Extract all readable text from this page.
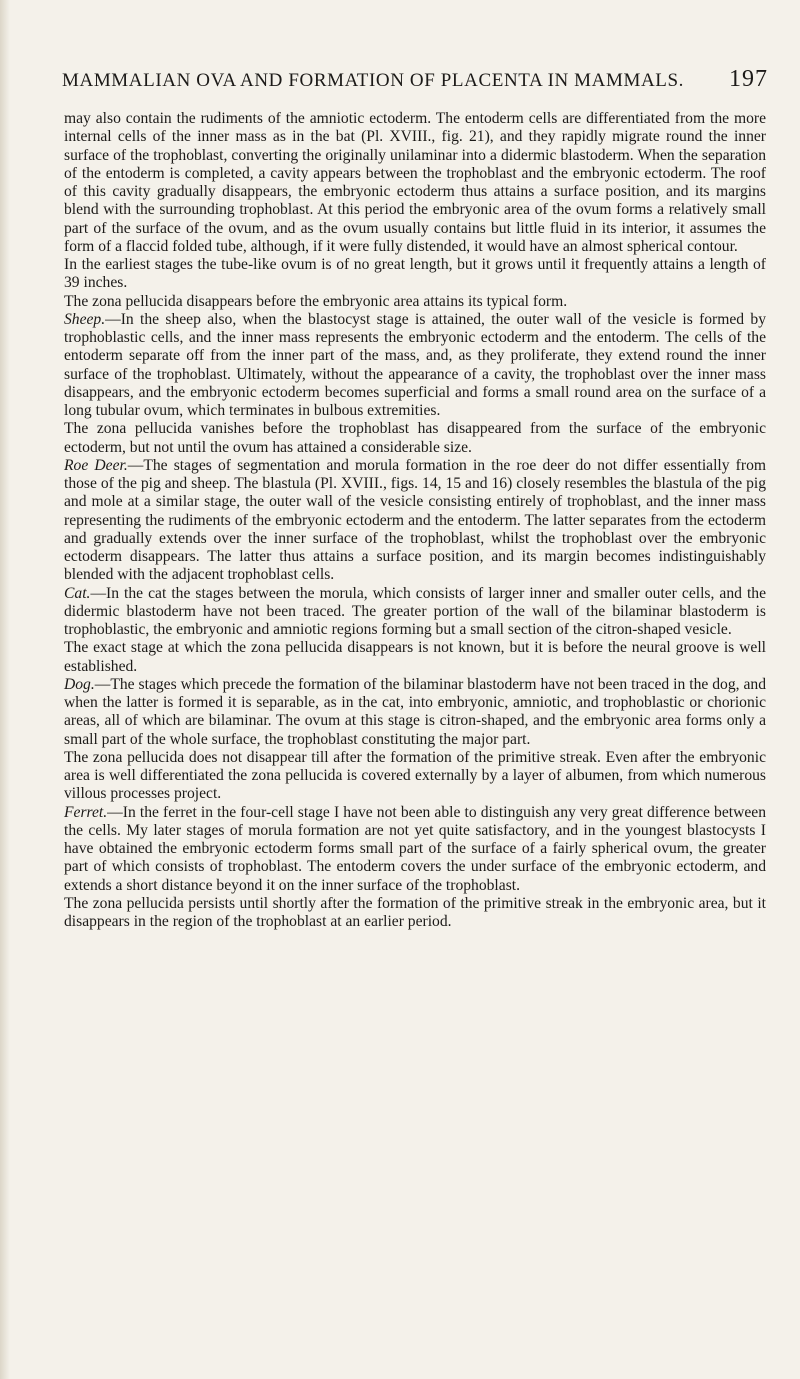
MAMMALIAN OVA AND FORMATION OF PLACENTA IN MAMMALS. 197

may also contain the rudiments of the amniotic ectoderm. The entoderm cells are differentiated from the more internal cells of the inner mass as in the bat (Pl. XVIII., fig. 21), and they rapidly migrate round the inner surface of the trophoblast, converting the originally unilaminar into a didermic blastoderm. When the separation of the entoderm is completed, a cavity appears between the trophoblast and the embryonic ectoderm. The roof of this cavity gradually disappears, the embryonic ectoderm thus attains a surface position, and its margins blend with the surrounding trophoblast. At this period the embryonic area of the ovum forms a relatively small part of the surface of the ovum, and as the ovum usually contains but little fluid in its interior, it assumes the form of a flaccid folded tube, although, if it were fully distended, it would have an almost spherical contour.

In the earliest stages the tube-like ovum is of no great length, but it grows until it frequently attains a length of 39 inches.

The zona pellucida disappears before the embryonic area attains its typical form.

Sheep.—In the sheep also, when the blastocyst stage is attained, the outer wall of the vesicle is formed by trophoblastic cells, and the inner mass represents the embryonic ectoderm and the entoderm. The cells of the entoderm separate off from the inner part of the mass, and, as they proliferate, they extend round the inner surface of the trophoblast. Ultimately, without the appearance of a cavity, the trophoblast over the inner mass disappears, and the embryonic ectoderm becomes superficial and forms a small round area on the surface of a long tubular ovum, which terminates in bulbous extremities.

The zona pellucida vanishes before the trophoblast has disappeared from the surface of the embryonic ectoderm, but not until the ovum has attained a considerable size.

Roe Deer.—The stages of segmentation and morula formation in the roe deer do not differ essentially from those of the pig and sheep. The blastula (Pl. XVIII., figs. 14, 15 and 16) closely resembles the blastula of the pig and mole at a similar stage, the outer wall of the vesicle consisting entirely of trophoblast, and the inner mass representing the rudiments of the embryonic ectoderm and the entoderm. The latter separates from the ectoderm and gradually extends over the inner surface of the trophoblast, whilst the trophoblast over the embryonic ectoderm disappears. The latter thus attains a surface position, and its margin becomes indistinguishably blended with the adjacent trophoblast cells.

Cat.—In the cat the stages between the morula, which consists of larger inner and smaller outer cells, and the didermic blastoderm have not been traced. The greater portion of the wall of the bilaminar blastoderm is trophoblastic, the embryonic and amniotic regions forming but a small section of the citron-shaped vesicle.

The exact stage at which the zona pellucida disappears is not known, but it is before the neural groove is well established.

Dog.—The stages which precede the formation of the bilaminar blastoderm have not been traced in the dog, and when the latter is formed it is separable, as in the cat, into embryonic, amniotic, and trophoblastic or chorionic areas, all of which are bilaminar. The ovum at this stage is citron-shaped, and the embryonic area forms only a small part of the whole surface, the trophoblast constituting the major part.

The zona pellucida does not disappear till after the formation of the primitive streak. Even after the embryonic area is well differentiated the zona pellucida is covered externally by a layer of albumen, from which numerous villous processes project.

Ferret.—In the ferret in the four-cell stage I have not been able to distinguish any very great difference between the cells. My later stages of morula formation are not yet quite satisfactory, and in the youngest blastocysts I have obtained the embryonic ectoderm forms small part of the surface of a fairly spherical ovum, the greater part of which consists of trophoblast. The entoderm covers the under surface of the embryonic ectoderm, and extends a short distance beyond it on the inner surface of the trophoblast.

The zona pellucida persists until shortly after the formation of the primitive streak in the embryonic area, but it disappears in the region of the trophoblast at an earlier period.
